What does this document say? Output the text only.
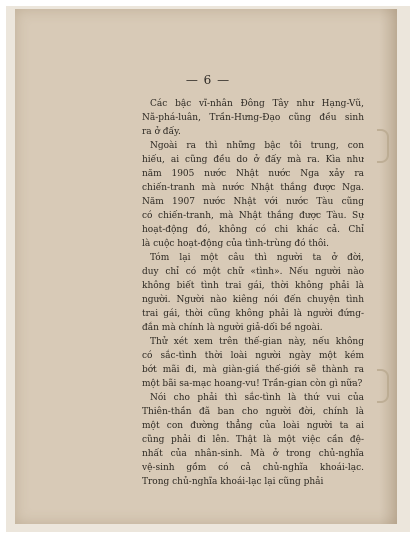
— 6 —
Các bậc vĩ-nhân Đông Tây như Hạng-Vũ,
Nã-phá-luân, Trần-Hưng-Đạo cũng đều sinh
ra ở đấy.
Ngoài ra thì những bậc tôi trung, con
hiếu, ai cũng đều do ở đấy mà ra. Kìa như
năm 1905 nước Nhật nước Nga xảy ra
chiến-tranh mà nước Nhật thắng được Nga.
Năm 1907 nước Nhật với nước Tàu cũng
có chiến-tranh, mà Nhật thắng được Tàu. Sự
hoạt-động đó, không có chi khác cả. Chỉ
là cuộc hoạt-động của tình-trùng đó thôi.
Tóm lại một câu thì người ta ở đời,
duy chỉ có một chữ «tình». Nếu người nào
không biết tình trai gái, thời không phải là
người. Người nào kiêng nói đến chuyện tình
trai gái, thời cũng không phải là người đứng-
đắn mà chính là người giả-dối bề ngoài.
Thử xét xem trên thế-gian này, nếu không
có sắc-tình thời loài người ngày một kém
bớt mãi đi, mà giàn-giá thế-giới sẽ thành ra
một bãi sa-mạc hoang-vu! Trần-gian còn gì nữa?
Nói cho phải thì sắc-tình là thứ vui của
Thiên-thần đã ban cho người đời, chính là
một con đường thẳng của loài người ta ai
cũng phải đi lên. Thật là một việc cần đệ-
nhất của nhân-sinh. Mà ở trong chủ-nghĩa
vệ-sinh gồm có cả chủ-nghĩa khoái-lạc.
Trong chủ-nghĩa khoái-lạc lại cũng phải
